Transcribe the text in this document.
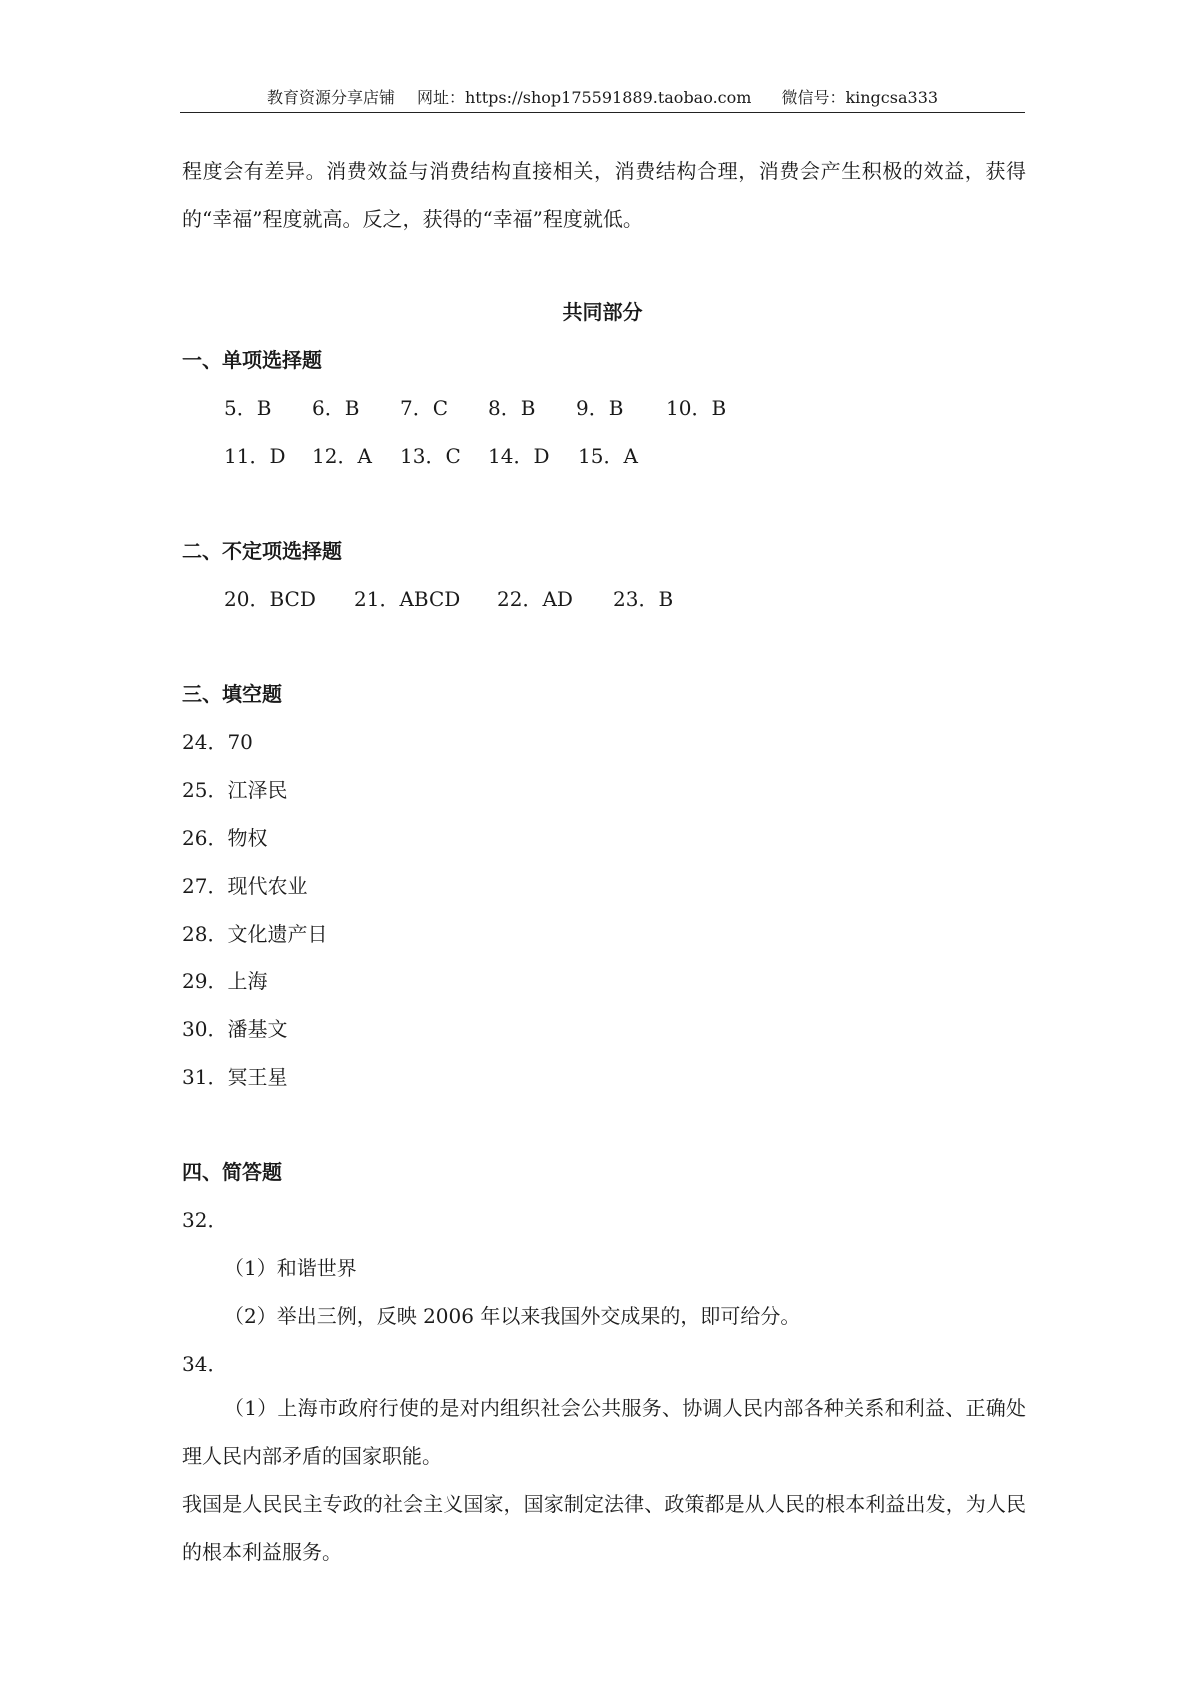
教育资源分享店铺 网址：https://shop175591889.taobao.com 微信号：kingcsa333
程度会有差异。消费效益与消费结构直接相关，消费结构合理，消费会产生积极的效益，获得的“幸福”程度就高。反之，获得的“幸福”程度就低。
共同部分
一、单项选择题
5．B 6．B 7．C 8．B 9．B 10．B
11．D 12．A 13．C 14．D 15．A
二、不定项选择题
20．BCD 21．ABCD 22．AD 23．B
三、填空题
24．70
25．江泽民
26．物权
27．现代农业
28．文化遗产日
29．上海
30．潘基文
31．冥王星
四、简答题
32．
（1）和谐世界
（2）举出三例，反映 2006 年以来我国外交成果的，即可给分。
34．
（1）上海市政府行使的是对内组织社会公共服务、协调人民内部各种关系和利益、正确处理人民内部矛盾的国家职能。
我国是人民民主专政的社会主义国家，国家制定法律、政策都是从人民的根本利益出发，为人民的根本利益服务。
